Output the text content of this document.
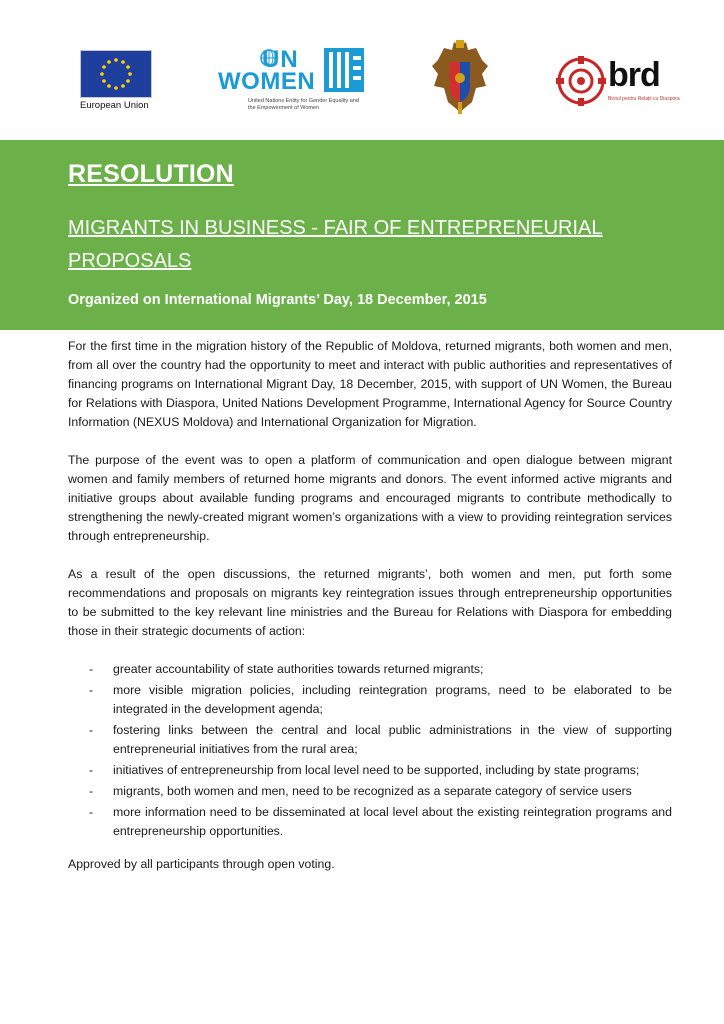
European Union
UN
WOMEN
United Nations Entity for Gender Equality and the Empowerment of Women
brd
Biroul pentru Relații cu Diaspora
RESOLUTION
MIGRANTS IN BUSINESS - FAIR OF ENTREPRENEURIAL PROPOSALS
Organized on International Migrants’ Day, 18 December, 2015

For the first time in the migration history of the Republic of Moldova, returned migrants, both women and men, from all over the country had the opportunity to meet and interact with public authorities and representatives of financing programs on International Migrant Day, 18 December, 2015, with support of UN Women, the Bureau for Relations with Diaspora, United Nations Development Programme, International Agency for Source Country Information (NEXUS Moldova) and International Organization for Migration.

The purpose of the event was to open a platform of communication and open dialogue between migrant women and family members of returned home migrants and donors. The event informed active migrants and initiative groups about available funding programs and encouraged migrants to contribute methodically to strengthening the newly-created migrant women’s organizations with a view to providing reintegration services through entrepreneurship.

As a result of the open discussions, the returned migrants’, both women and men, put forth some recommendations and proposals on migrants key reintegration issues through entrepreneurship opportunities to be submitted to the key relevant line ministries and the Bureau for Relations with Diaspora for embedding those in their strategic documents of action:

- greater accountability of state authorities towards returned migrants;
- more visible migration policies, including reintegration programs, need to be elaborated to be integrated in the development agenda;
- fostering links between the central and local public administrations in the view of supporting entrepreneurial initiatives from the rural area;
- initiatives of entrepreneurship from local level need to be supported, including by state programs;
- migrants, both women and men, need to be recognized as a separate category of service users
- more information need to be disseminated at local level about the existing reintegration programs and entrepreneurship opportunities.

Approved by all participants through open voting.
